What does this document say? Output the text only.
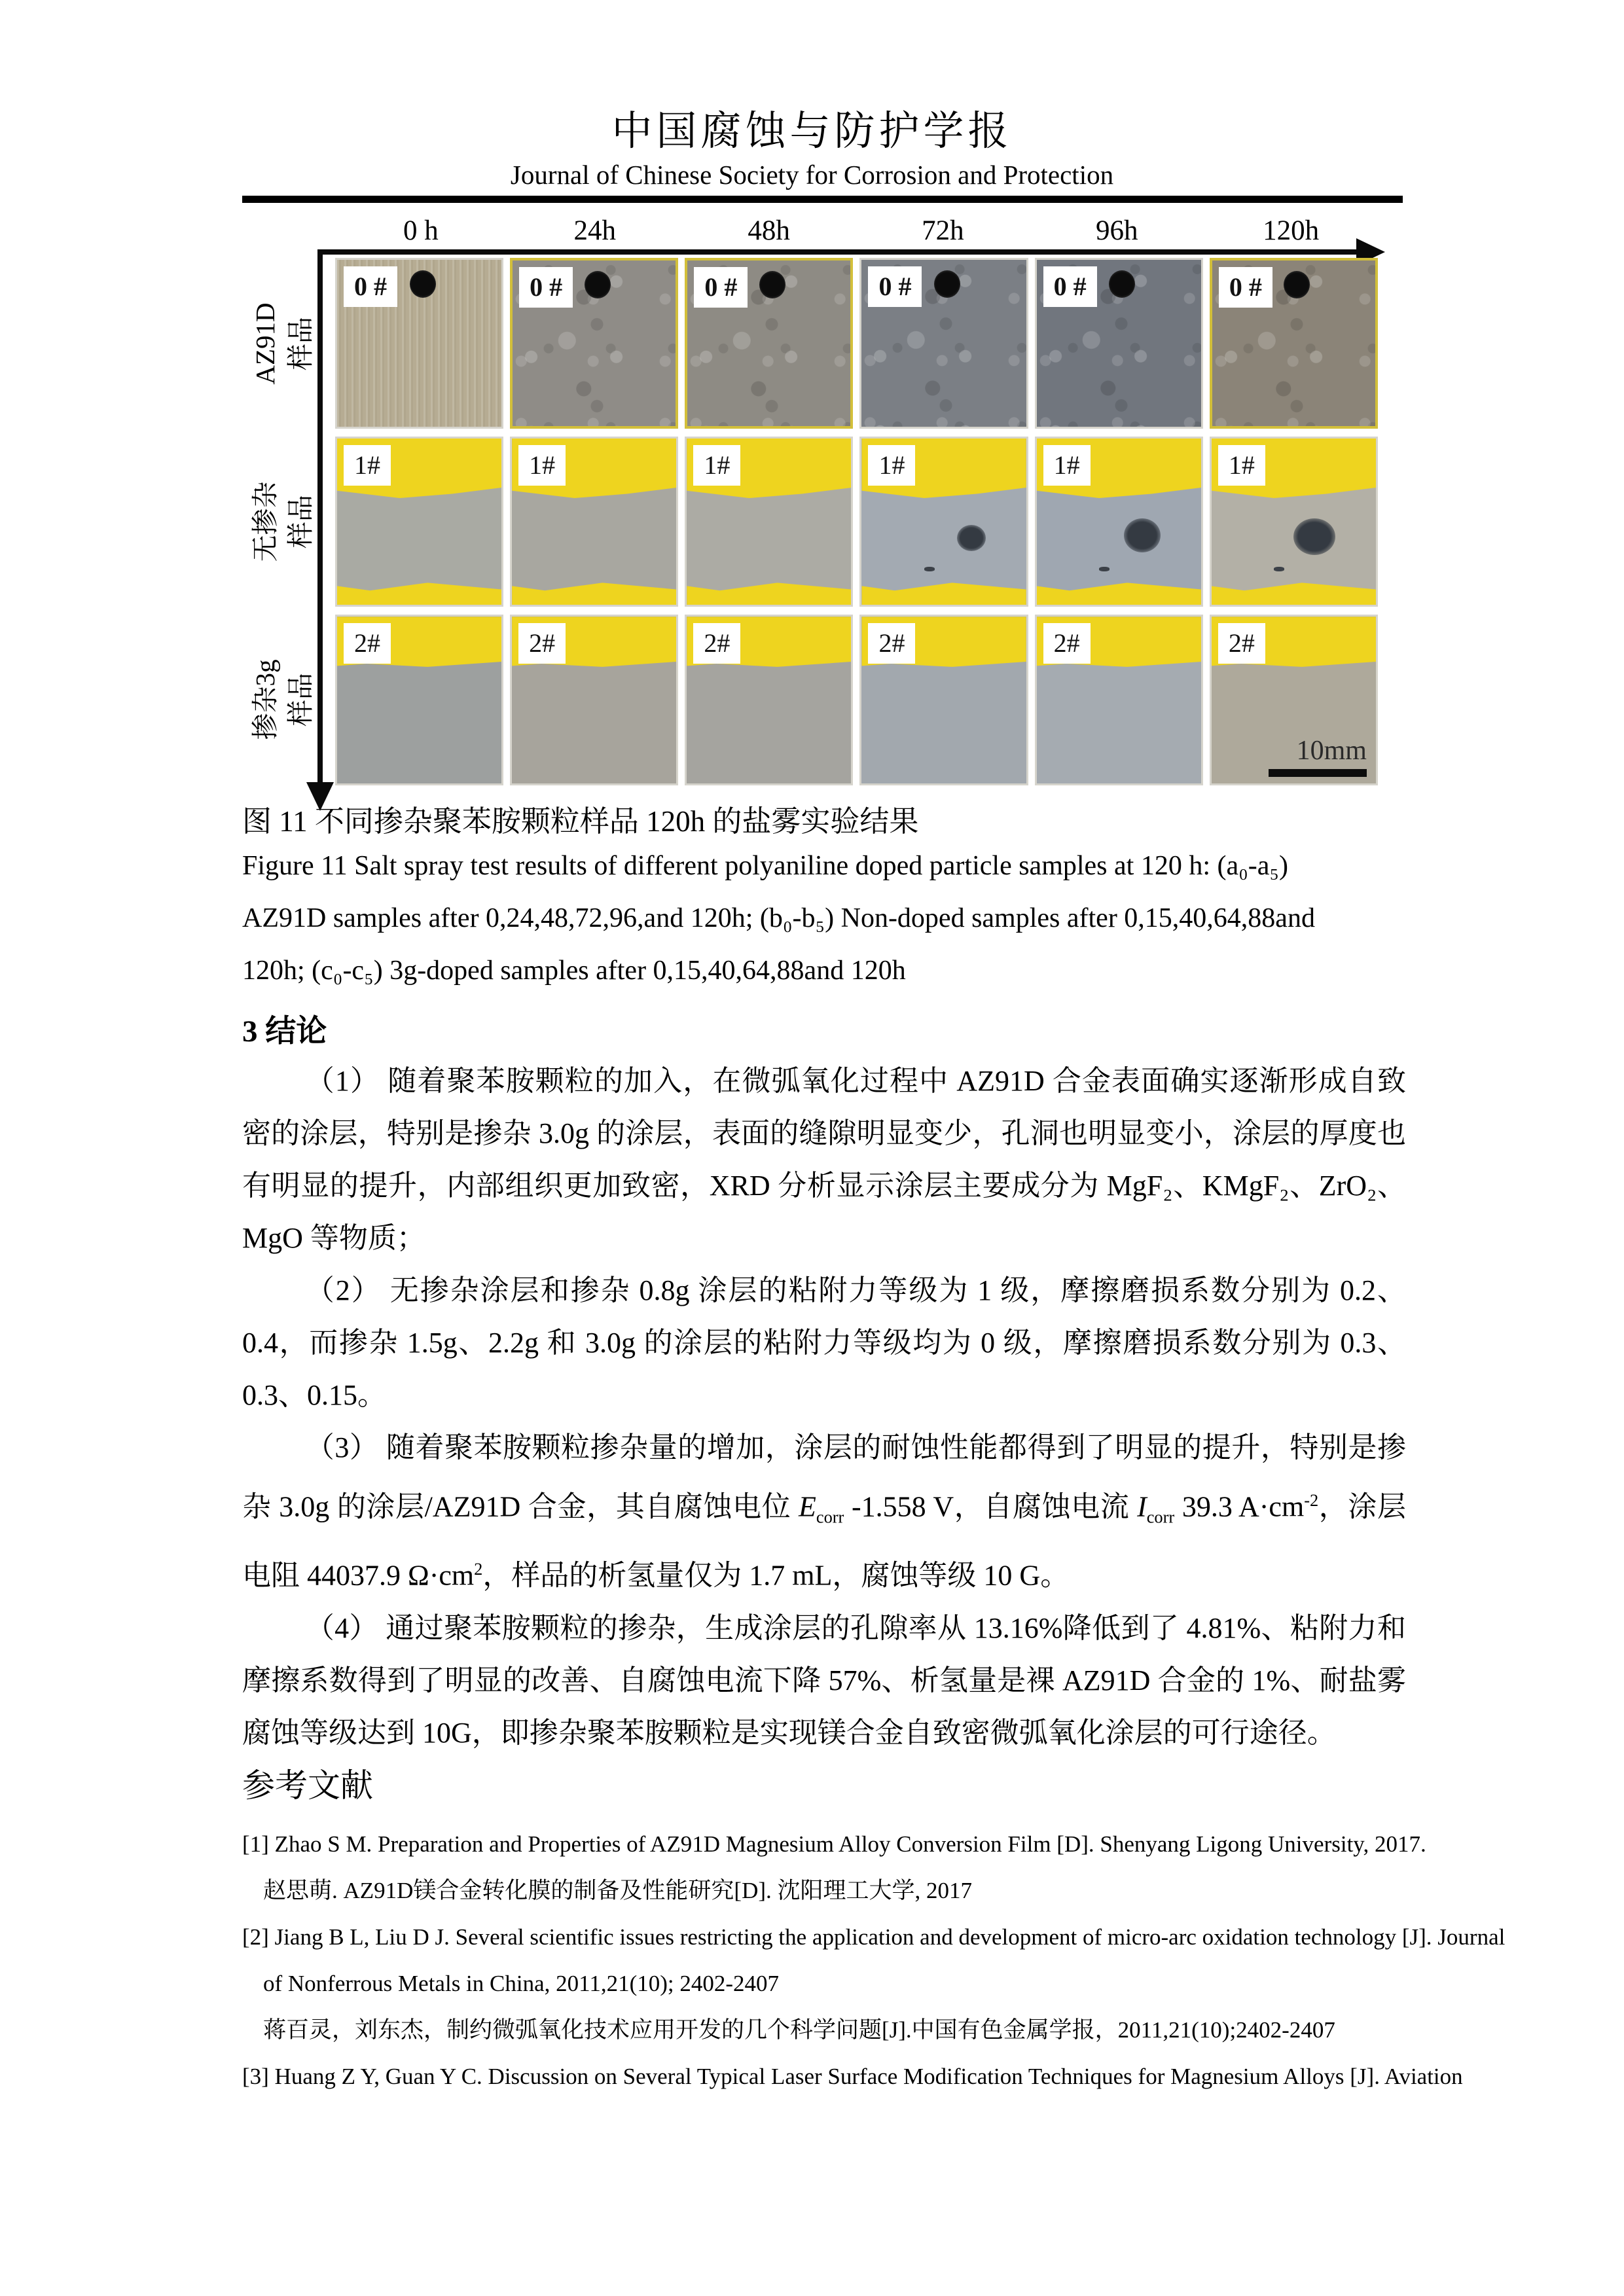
中国腐蚀与防护学报
Journal of Chinese Society for Corrosion and Protection
0 h	24h	48h	72h	96h	120h
AZ91D 样品
无掺杂 样品
掺杂3g 样品
0 #	0 #	0 #	0 #	0 #	0 #
1#	1#	1#	1#	1#	1#
2#	2#	2#	2#	2#	2#
10mm
图 11 不同掺杂聚苯胺颗粒样品 120h 的盐雾实验结果
Figure 11 Salt spray test results of different polyaniline doped particle samples at 120 h: (a₀-a₅)
AZ91D samples after 0,24,48,72,96,and 120h; (b₀-b₅) Non-doped samples after 0,15,40,64,88and
120h; (c₀-c₅) 3g-doped samples after 0,15,40,64,88and 120h
3 结论

（1） 随着聚苯胺颗粒的加入，在微弧氧化过程中 AZ91D 合金表面确实逐渐形成自致密的涂层，特别是掺杂 3.0g 的涂层，表面的缝隙明显变少，孔洞也明显变小，涂层的厚度也有明显的提升，内部组织更加致密，XRD 分析显示涂层主要成分为 MgF₂、KMgF₂、ZrO₂、MgO 等物质；

（2） 无掺杂涂层和掺杂 0.8g 涂层的粘附力等级为 1 级，摩擦磨损系数分别为 0.2、0.4，而掺杂 1.5g、2.2g 和 3.0g 的涂层的粘附力等级均为 0 级，摩擦磨损系数分别为 0.3、0.3、0.15。

（3） 随着聚苯胺颗粒掺杂量的增加，涂层的耐蚀性能都得到了明显的提升，特别是掺杂 3.0g 的涂层/AZ91D 合金，其自腐蚀电位 $E_{corr}$ -1.558 V，自腐蚀电流 $I_{corr}$ 39.3 $A\cdot cm^{-2}$，涂层电阻 44037.9 $\Omega\cdot cm^2$，样品的析氢量仅为 1.7 mL，腐蚀等级 10 G。

（4） 通过聚苯胺颗粒的掺杂，生成涂层的孔隙率从 13.16%降低到了 4.81%、粘附力和摩擦系数得到了明显的改善、自腐蚀电流下降 57%、析氢量是裸 AZ91D 合金的 1%、耐盐雾腐蚀等级达到 10G，即掺杂聚苯胺颗粒是实现镁合金自致密微弧氧化涂层的可行途径。

参考文献
[1] Zhao S M. Preparation and Properties of AZ91D Magnesium Alloy Conversion Film [D]. Shenyang Ligong University, 2017.
赵思萌. AZ91D镁合金转化膜的制备及性能研究[D]. 沈阳理工大学, 2017
[2] Jiang B L, Liu D J. Several scientific issues restricting the application and development of micro-arc oxidation technology [J]. Journal
of Nonferrous Metals in China, 2011,21(10); 2402-2407
蒋百灵，刘东杰，制约微弧氧化技术应用开发的几个科学问题[J].中国有色金属学报，2011,21(10);2402-2407
[3] Huang Z Y, Guan Y C. Discussion on Several Typical Laser Surface Modification Techniques for Magnesium Alloys [J]. Aviation
